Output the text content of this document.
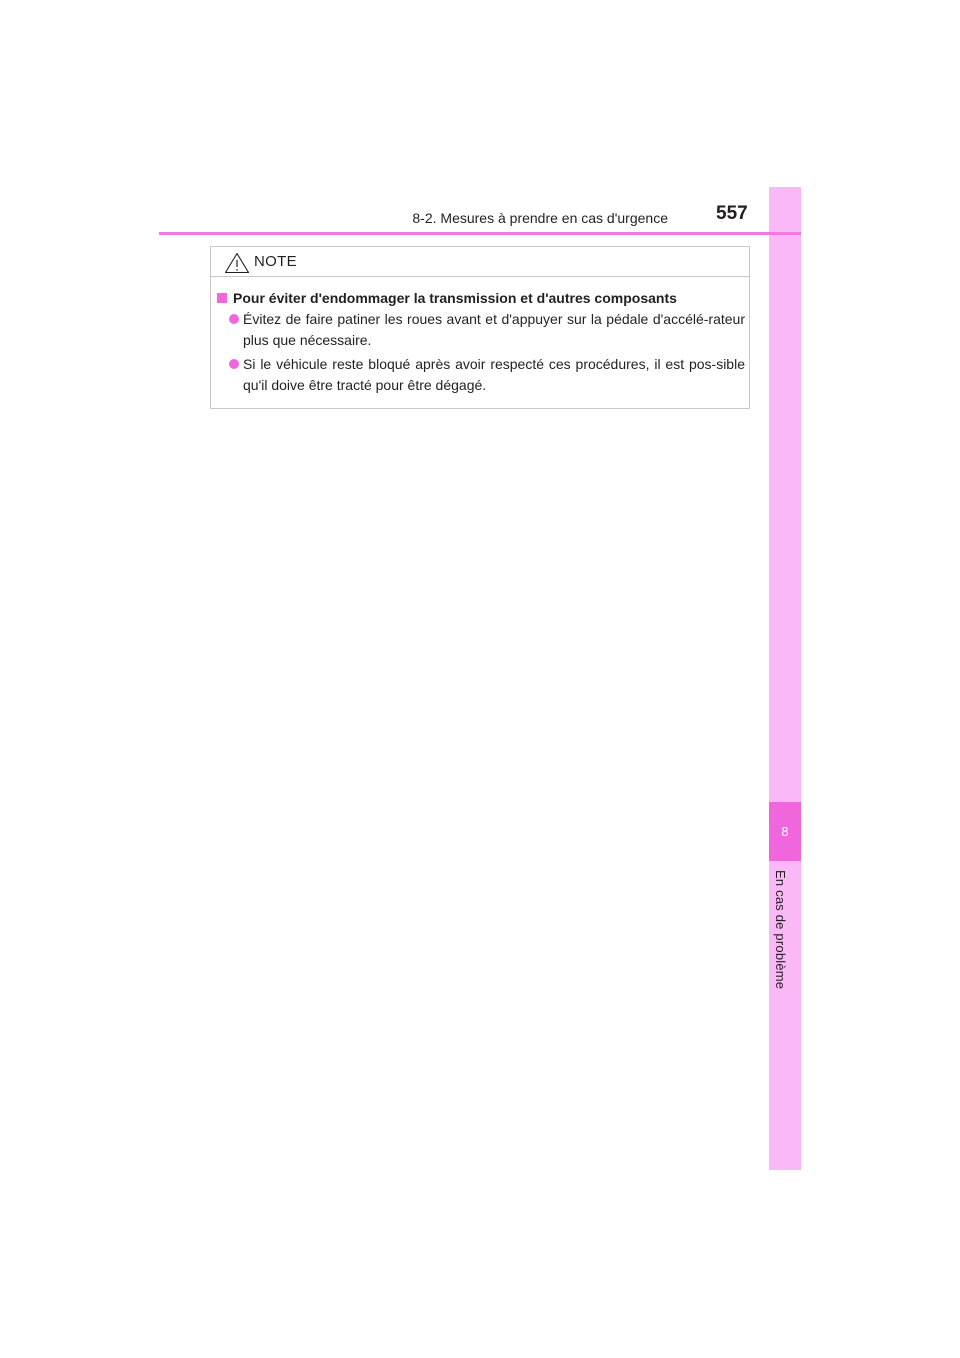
8
En cas de problème
8-2. Mesures à prendre en cas d'urgence	557
NOTE
Pour éviter d'endommager la transmission et d'autres composants

Évitez de faire patiner les roues avant et d'appuyer sur la pédale d'accélé-rateur plus que nécessaire.

Si le véhicule reste bloqué après avoir respecté ces procédures, il est pos-sible qu'il doive être tracté pour être dégagé.
